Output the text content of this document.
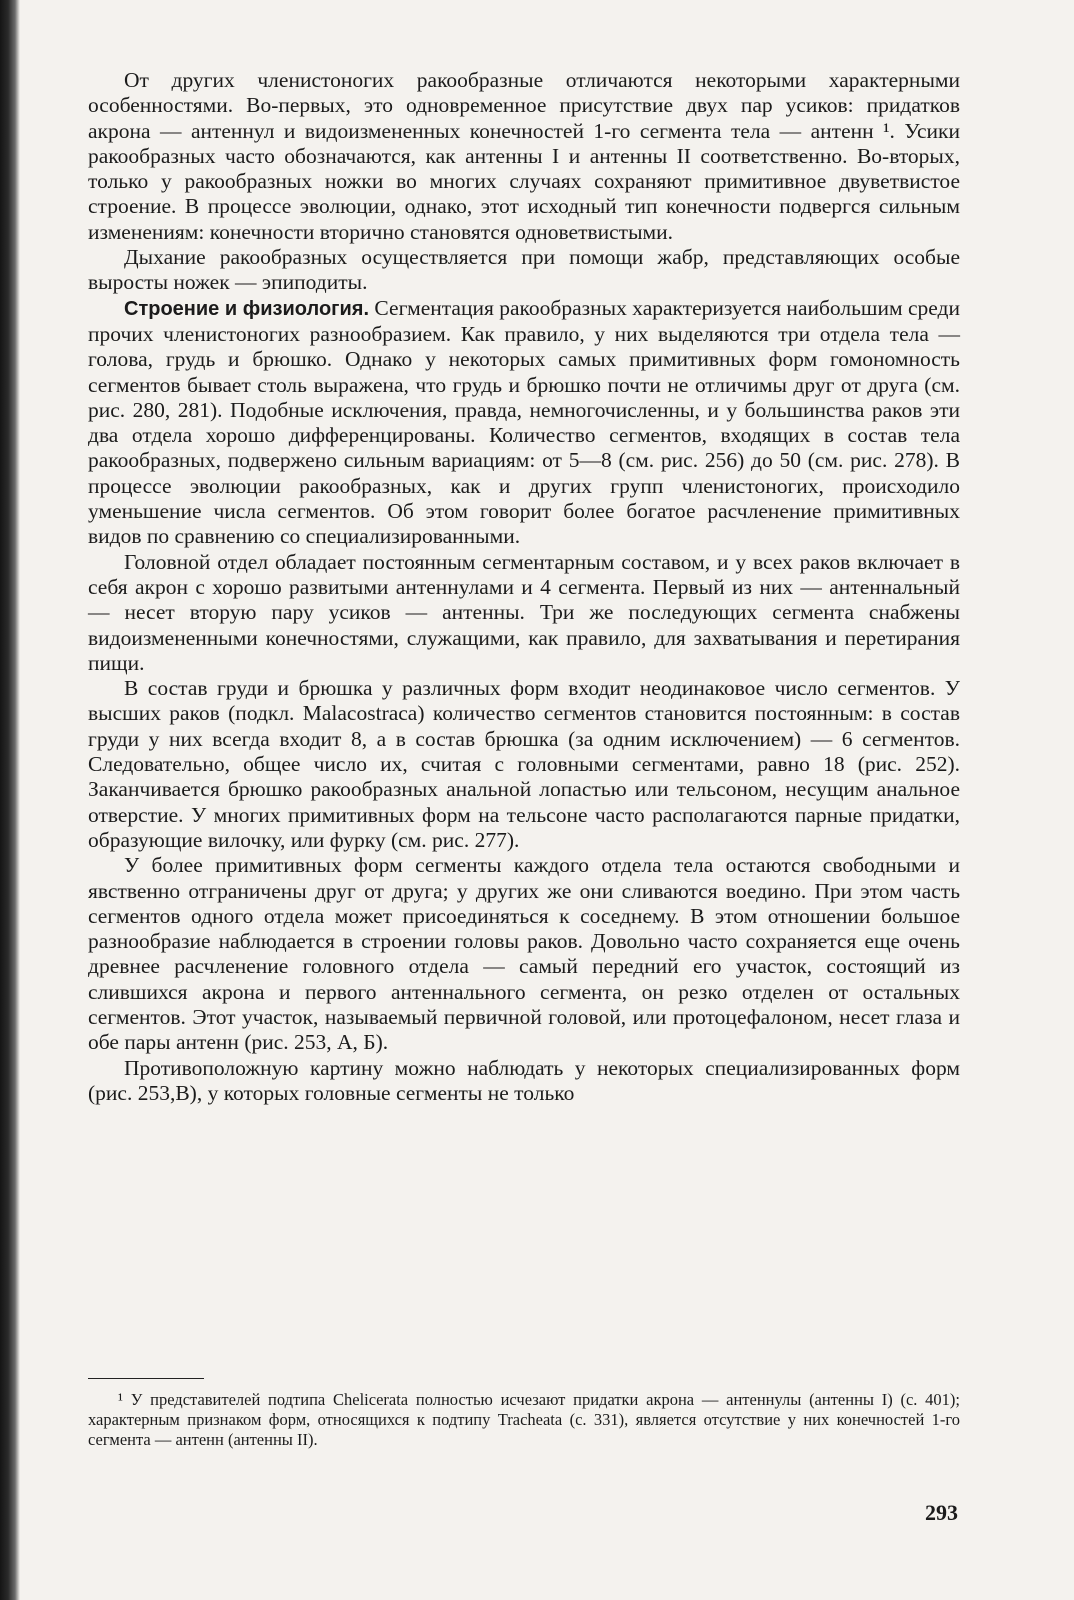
От других членистоногих ракообразные отличаются некоторыми характерными особенностями. Во-первых, это одновременное присутствие двух пар усиков: придатков акрона — антеннул и видоизмененных конечностей 1-го сегмента тела — антенн ¹. Усики ракообразных часто обозначаются, как антенны I и антенны II соответственно. Во-вторых, только у ракообразных ножки во многих случаях сохраняют примитивное двуветвистое строение. В процессе эволюции, однако, этот исходный тип конечности подвергся сильным изменениям: конечности вторично становятся одноветвистыми.

Дыхание ракообразных осуществляется при помощи жабр, представляющих особые выросты ножек — эпиподиты.

Строение и физиология. Сегментация ракообразных характеризуется наибольшим среди прочих членистоногих разнообразием. Как правило, у них выделяются три отдела тела — голова, грудь и брюшко. Однако у некоторых самых примитивных форм гомономность сегментов бывает столь выражена, что грудь и брюшко почти не отличимы друг от друга (см. рис. 280, 281). Подобные исключения, правда, немногочисленны, и у большинства раков эти два отдела хорошо дифференцированы. Количество сегментов, входящих в состав тела ракообразных, подвержено сильным вариациям: от 5—8 (см. рис. 256) до 50 (см. рис. 278). В процессе эволюции ракообразных, как и других групп членистоногих, происходило уменьшение числа сегментов. Об этом говорит более богатое расчленение примитивных видов по сравнению со специализированными.

Головной отдел обладает постоянным сегментарным составом, и у всех раков включает в себя акрон с хорошо развитыми антеннулами и 4 сегмента. Первый из них — антеннальный — несет вторую пару усиков — антенны. Три же последующих сегмента снабжены видоизмененными конечностями, служащими, как правило, для захватывания и перетирания пищи.

В состав груди и брюшка у различных форм входит неодинаковое число сегментов. У высших раков (подкл. Malacostraca) количество сегментов становится постоянным: в состав груди у них всегда входит 8, а в состав брюшка (за одним исключением) — 6 сегментов. Следовательно, общее число их, считая с головными сегментами, равно 18 (рис. 252). Заканчивается брюшко ракообразных анальной лопастью или тельсоном, несущим анальное отверстие. У многих примитивных форм на тельсоне часто располагаются парные придатки, образующие вилочку, или фурку (см. рис. 277).

У более примитивных форм сегменты каждого отдела тела остаются свободными и явственно отграничены друг от друга; у других же они сливаются воедино. При этом часть сегментов одного отдела может присоединяться к соседнему. В этом отношении большое разнообразие наблюдается в строении головы раков. Довольно часто сохраняется еще очень древнее расчленение головного отдела — самый передний его участок, состоящий из слившихся акрона и первого антеннального сегмента, он резко отделен от остальных сегментов. Этот участок, называемый первичной головой, или протоцефалоном, несет глаза и обе пары антенн (рис. 253, А, Б).

Противоположную картину можно наблюдать у некоторых специализированных форм (рис. 253,В), у которых головные сегменты не только

¹ У представителей подтипа Chelicerata полностью исчезают придатки акрона — антеннулы (антенны I) (с. 401); характерным признаком форм, относящихся к подтипу Tracheata (с. 331), является отсутствие у них конечностей 1-го сегмента — антенн (антенны II).

293
